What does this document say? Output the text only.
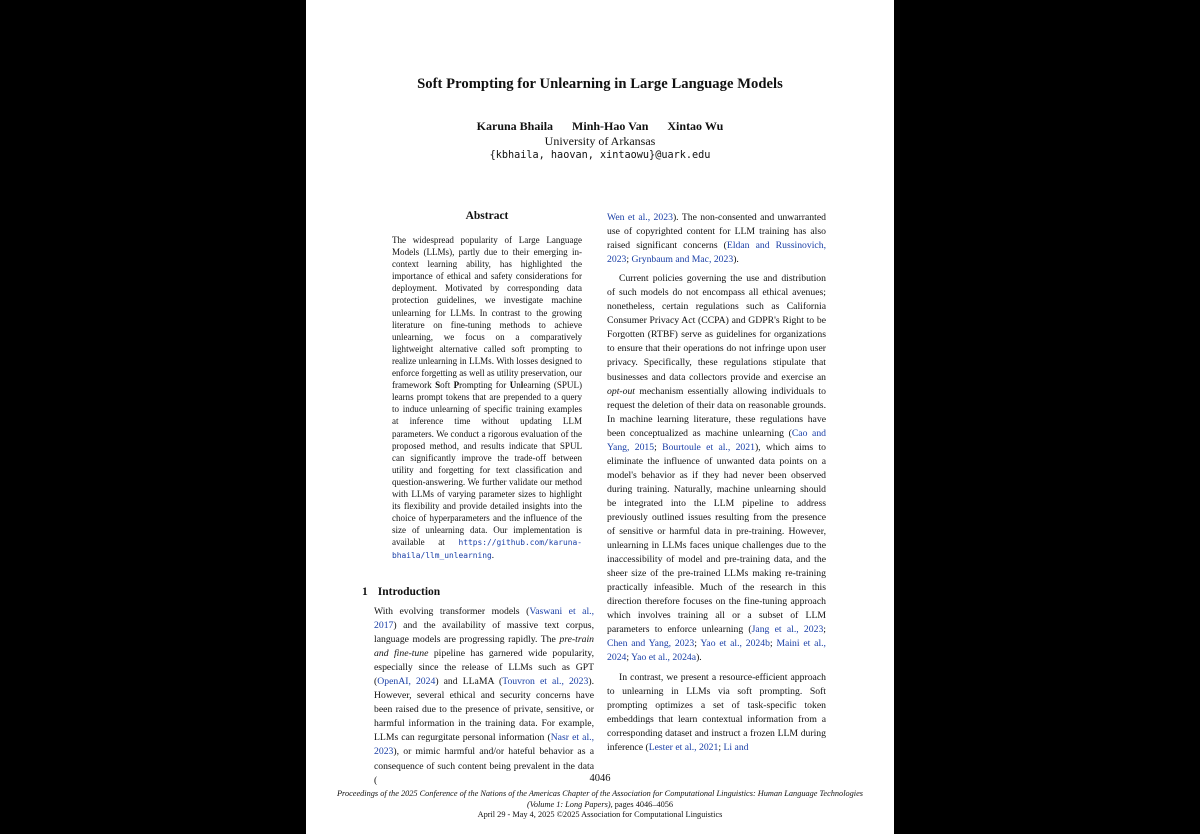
Soft Prompting for Unlearning in Large Language Models
Karuna Bhaila Minh-Hao Van Xintao Wu
University of Arkansas
{kbhaila, haovan, xintaowu}@uark.edu
Abstract
The widespread popularity of Large Language Models (LLMs), partly due to their emerging in-context learning ability, has highlighted the importance of ethical and safety considerations for deployment. Motivated by corresponding data protection guidelines, we investigate machine unlearning for LLMs. In contrast to the growing literature on fine-tuning methods to achieve unlearning, we focus on a comparatively lightweight alternative called soft prompting to realize unlearning in LLMs. With losses designed to enforce forgetting as well as utility preservation, our framework Soft Prompting for Unlearning (SPUL) learns prompt tokens that are prepended to a query to induce unlearning of specific training examples at inference time without updating LLM parameters. We conduct a rigorous evaluation of the proposed method, and results indicate that SPUL can significantly improve the trade-off between utility and forgetting for text classification and question-answering. We further validate our method with LLMs of varying parameter sizes to highlight its flexibility and provide detailed insights into the choice of hyperparameters and the influence of the size of unlearning data. Our implementation is available at https://github.com/karuna-bhaila/llm_unlearning.
1 Introduction

With evolving transformer models (Vaswani et al., 2017) and the availability of massive text corpus, language models are progressing rapidly. The pre-train and fine-tune pipeline has garnered wide popularity, especially since the release of LLMs such as GPT (OpenAI, 2024) and LLaMA (Touvron et al., 2023). However, several ethical and security concerns have been raised due to the presence of private, sensitive, or harmful information in the training data. For example, LLMs can regurgitate personal information (Nasr et al., 2023), or mimic harmful and/or hateful behavior as a consequence of such content being prevalent in the data (

Wen et al., 2023). The non-consented and unwarranted use of copyrighted content for LLM training has also raised significant concerns (Eldan and Russinovich, 2023; Grynbaum and Mac, 2023).

Current policies governing the use and distribution of such models do not encompass all ethical avenues; nonetheless, certain regulations such as California Consumer Privacy Act (CCPA) and GDPR's Right to be Forgotten (RTBF) serve as guidelines for organizations to ensure that their operations do not infringe upon user privacy. Specifically, these regulations stipulate that businesses and data collectors provide and exercise an opt-out mechanism essentially allowing individuals to request the deletion of their data on reasonable grounds. In machine learning literature, these regulations have been conceptualized as machine unlearning (Cao and Yang, 2015; Bourtoule et al., 2021), which aims to eliminate the influence of unwanted data points on a model's behavior as if they had never been observed during training. Naturally, machine unlearning should be integrated into the LLM pipeline to address previously outlined issues resulting from the presence of sensitive or harmful data in pre-training. However, unlearning in LLMs faces unique challenges due to the inaccessibility of model and pre-training data, and the sheer size of the pre-trained LLMs making re-training practically infeasible. Much of the research in this direction therefore focuses on the fine-tuning approach which involves training all or a subset of LLM parameters to enforce unlearning (Jang et al., 2023; Chen and Yang, 2023; Yao et al., 2024b; Maini et al., 2024; Yao et al., 2024a).

In contrast, we present a resource-efficient approach to unlearning in LLMs via soft prompting. Soft prompting optimizes a set of task-specific token embeddings that learn contextual information from a corresponding dataset and instruct a frozen LLM during inference (Lester et al., 2021; Li and

4046
Proceedings of the 2025 Conference of the Nations of the Americas Chapter of the Association for Computational Linguistics: Human Language Technologies
(Volume 1: Long Papers), pages 4046–4056
April 29 - May 4, 2025 ©2025 Association for Computational Linguistics
